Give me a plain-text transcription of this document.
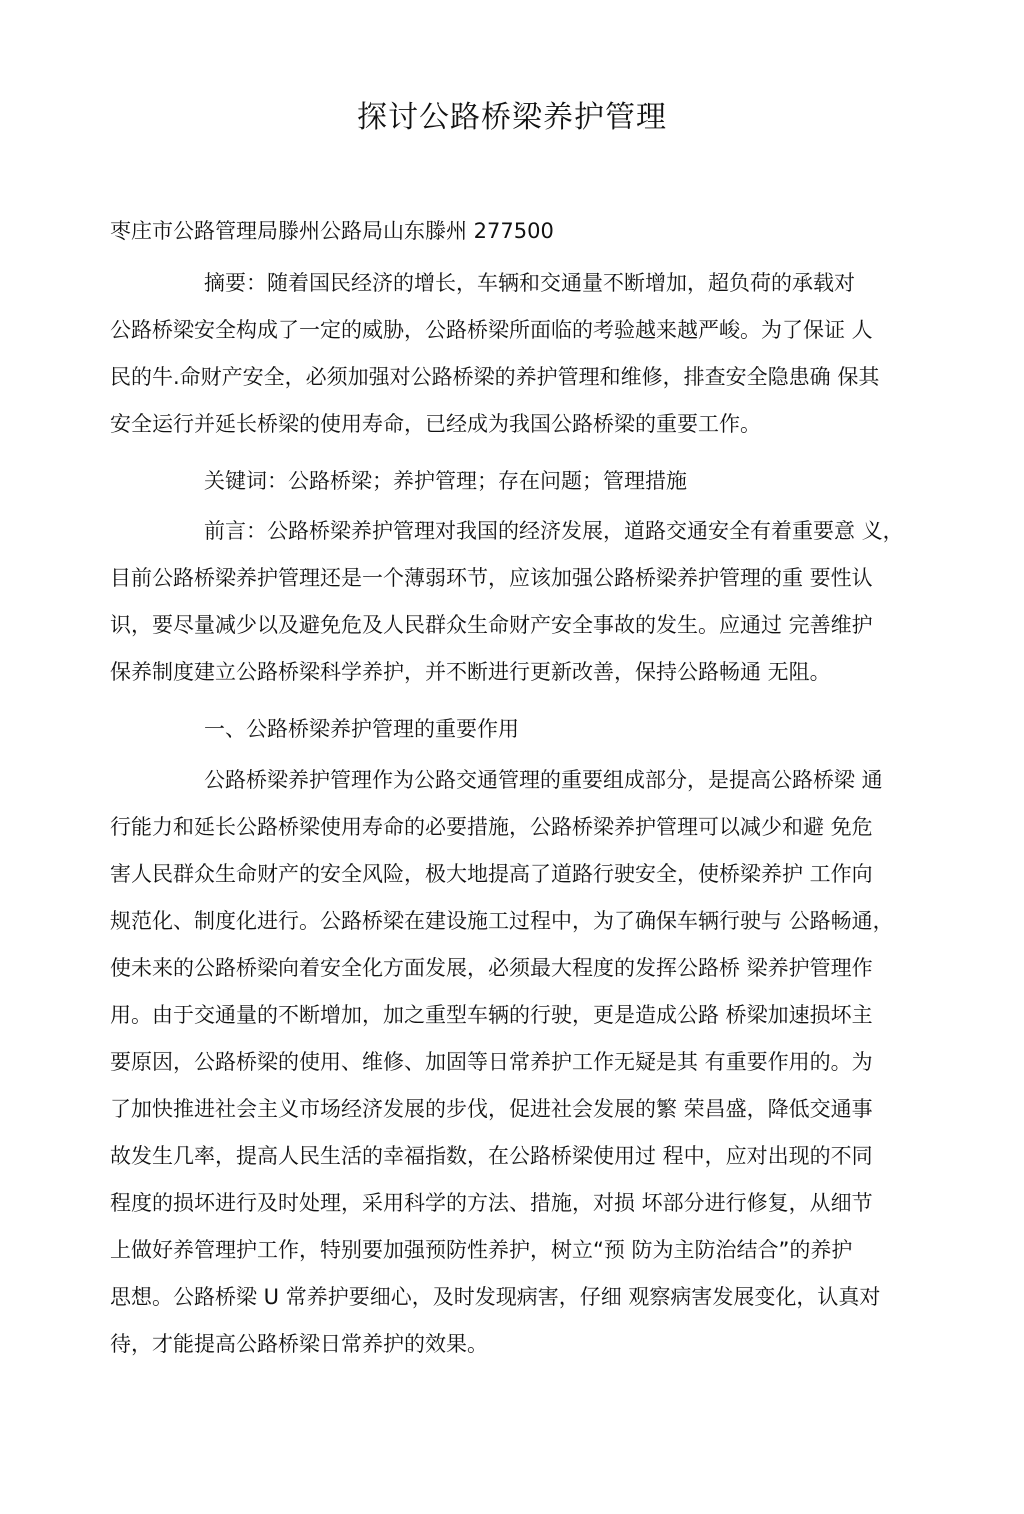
探讨公路桥梁养护管理
枣庄市公路管理局滕州公路局山东滕州 277500
摘要：随着国民经济的增长，车辆和交通量不断增加，超负荷的承载对
公路桥梁安全构成了一定的威胁，公路桥梁所面临的考验越来越严峻。为了保证 人
民的牛.命财产安全，必须加强对公路桥梁的养护管理和维修，排查安全隐患确 保其
安全运行并延长桥梁的使用寿命，已经成为我国公路桥梁的重要工作。
关键词：公路桥梁；养护管理；存在问题；管理措施
前言：公路桥梁养护管理对我国的经济发展，道路交通安全有着重要意 义，
目前公路桥梁养护管理还是一个薄弱环节，应该加强公路桥梁养护管理的重 要性认
识，要尽量减少以及避免危及人民群众生命财产安全事故的发生。应通过 完善维护
保养制度建立公路桥梁科学养护，并不断进行更新改善，保持公路畅通 无阻。
一、公路桥梁养护管理的重要作用
公路桥梁养护管理作为公路交通管理的重要组成部分，是提高公路桥梁 通
行能力和延长公路桥梁使用寿命的必要措施，公路桥梁养护管理可以减少和避 免危
害人民群众生命财产的安全风险，极大地提高了道路行驶安全，使桥梁养护 工作向
规范化、制度化进行。公路桥梁在建设施工过程中，为了确保车辆行驶与 公路畅通，
使未来的公路桥梁向着安全化方面发展，必须最大程度的发挥公路桥 梁养护管理作
用。由于交通量的不断增加，加之重型车辆的行驶，更是造成公路 桥梁加速损坏主
要原因，公路桥梁的使用、维修、加固等日常养护工作无疑是其 有重要作用的。为
了加快推进社会主义市场经济发展的步伐，促进社会发展的繁 荣昌盛，降低交通事
故发生几率，提高人民生活的幸福指数，在公路桥梁使用过 程中，应对出现的不同
程度的损坏进行及时处理，采用科学的方法、措施，对损 坏部分进行修复，从细节
上做好养管理护工作，特别要加强预防性养护，树立“预 防为主防治结合”的养护
思想。公路桥梁 U 常养护要细心，及时发现病害，仔细 观察病害发展变化，认真对
待，才能提高公路桥梁日常养护的效果。
